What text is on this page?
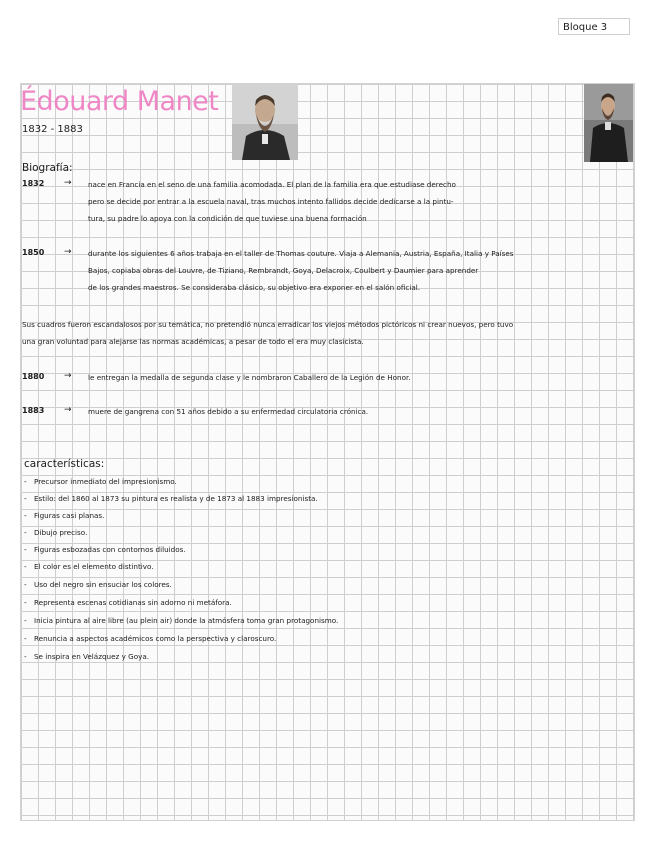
Bloque 3
Édouard Manet
1832 - 1883
Biografía:
1832 → nace en Francia en el seno de una familia acomodada. El plan de la familia era que estudiase derecho
pero se decide por entrar a la escuela naval, tras muchos intento fallidos decide dedicarse a la pintu-
tura, su padre lo apoya con la condición de que tuviese una buena formación
1850 → durante los siguientes 6 años trabaja en el taller de Thomas couture. Viaja a Alemania, Austria, España, Italia y Países
Bajos, copiaba obras del Louvre, de Tiziano, Rembrandt, Goya, Delacroix, Coulbert y Daumier para aprender
de los grandes maestros. Se consideraba clásico, su objetivo era exponer en el salón oficial.
Sus cuadros fueron escandalosos por su temática, no pretendió nunca erradicar los viejos métodos pictóricos ni crear nuevos, pero tuvo
una gran voluntad para alejarse las normas académicas, a pesar de todo el era muy clasicista.
1880 → le entregan la medalla de segunda clase y le nombraron Caballero de la Legión de Honor.
1883 → muere de gangrena con 51 años debido a su enfermedad circulatoria crónica.
características:
- Precursor inmediato del impresionismo.
- Estilo: del 1860 al 1873 su pintura es realista y de 1873 al 1883 impresionista.
- Figuras casi planas.
- Dibujo preciso.
- Figuras esbozadas con contornos diluidos.
- El color es el elemento distintivo.
- Uso del negro sin ensuciar los colores.
- Representa escenas cotidianas sin adorno ni metáfora.
- Inicia pintura al aire libre (au plein air) donde la atmósfera toma gran protagonismo.
- Renuncia a aspectos académicos como la perspectiva y claroscuro.
- Se inspira en Velázquez y Goya.
